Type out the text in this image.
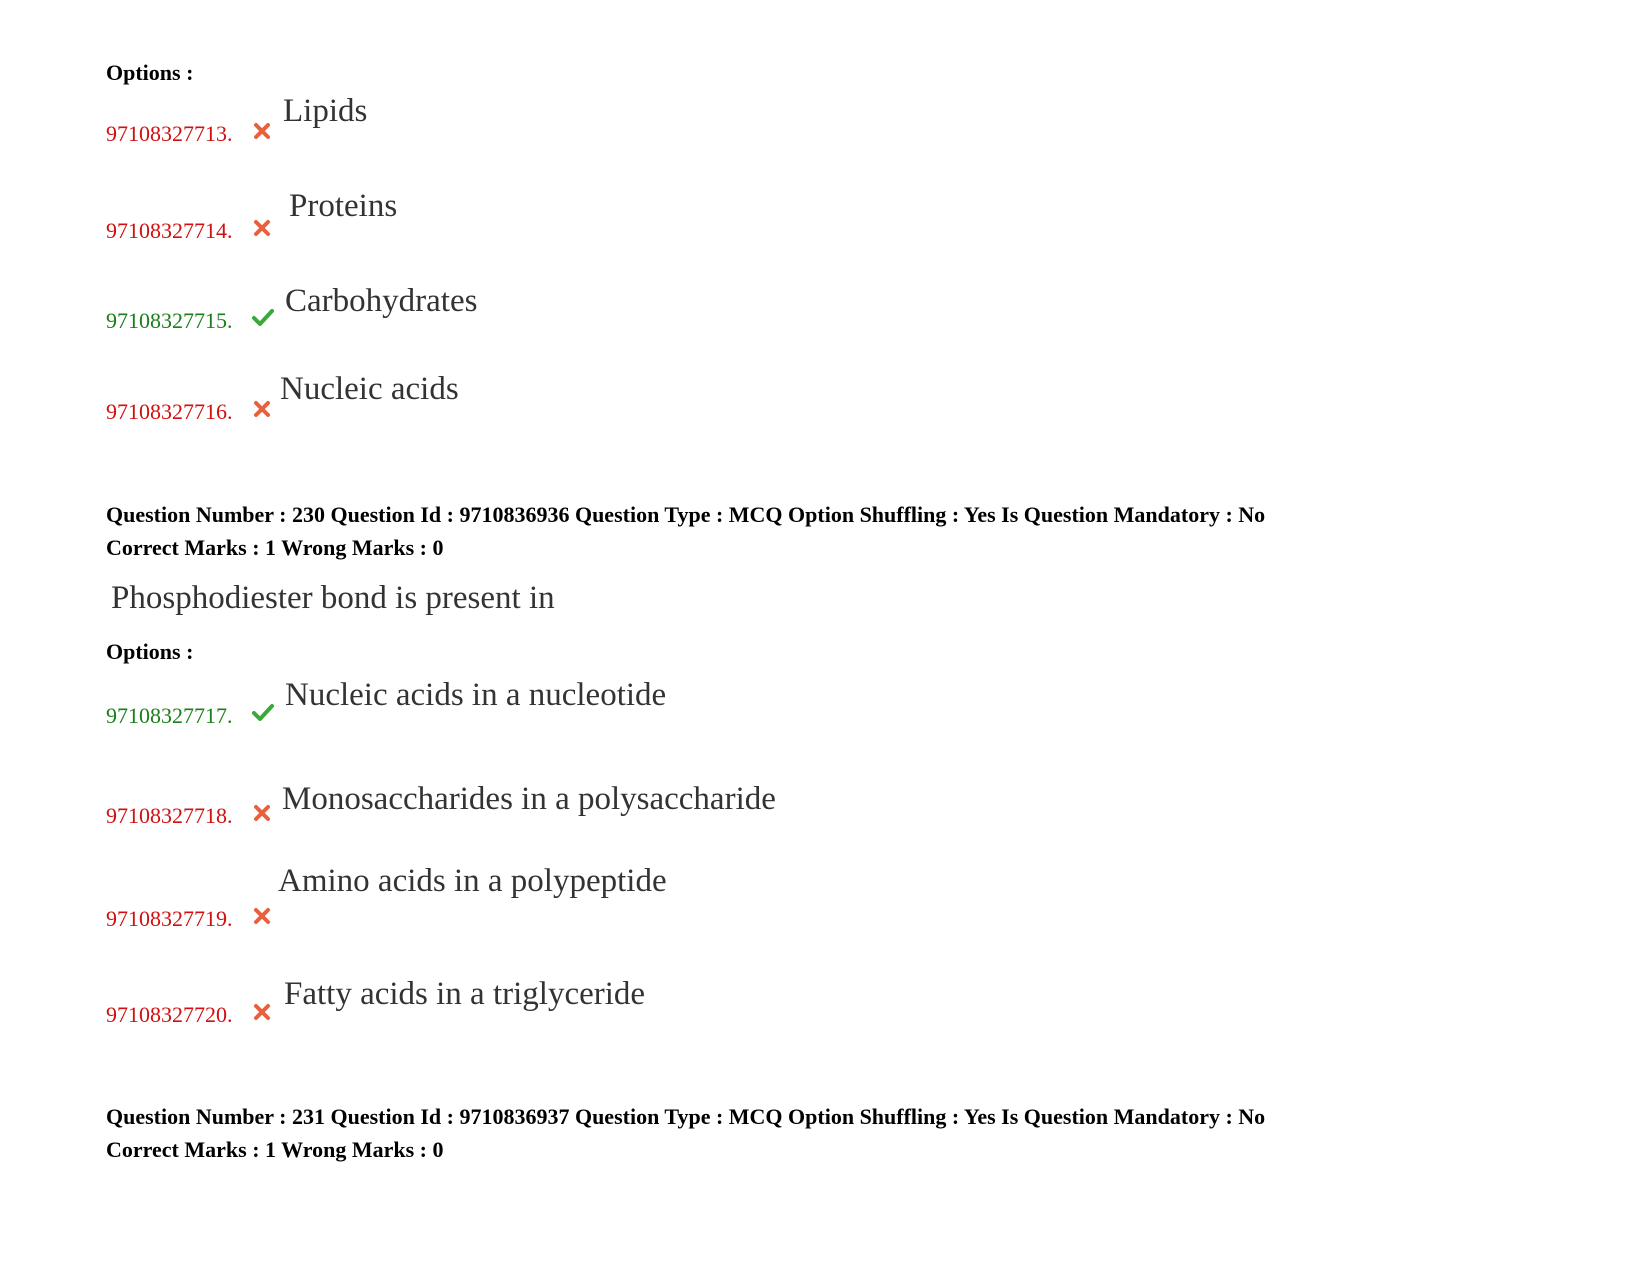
Options :
97108327713.
Lipids
97108327714.
Proteins
97108327715.
Carbohydrates
97108327716.
Nucleic acids
Question Number : 230 Question Id : 9710836936 Question Type : MCQ Option Shuffling : Yes Is Question Mandatory : No
Correct Marks : 1 Wrong Marks : 0
Phosphodiester bond is present in
Options :
97108327717.
Nucleic acids in a nucleotide
97108327718. Monosaccharides in a polysaccharide
97108327719.
Amino acids in a polypeptide
97108327720.
Fatty acids in a triglyceride
Question Number : 231 Question Id : 9710836937 Question Type : MCQ Option Shuffling : Yes Is Question Mandatory : No
Correct Marks : 1 Wrong Marks : 0
